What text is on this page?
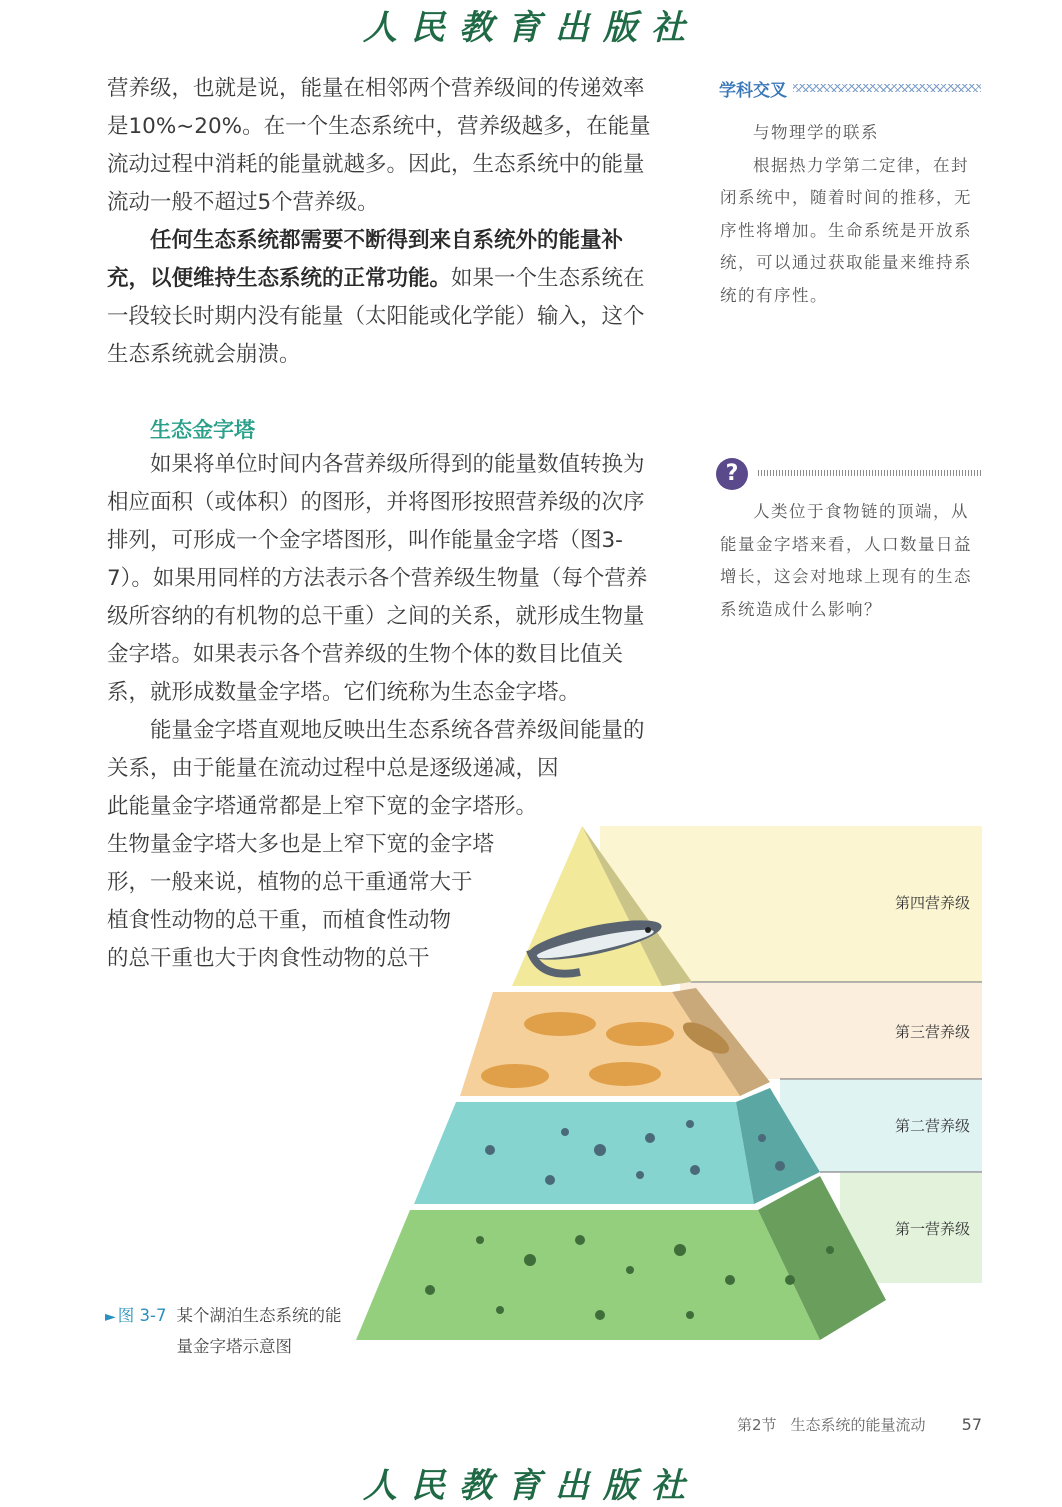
人民教育出版社

营养级，也就是说，能量在相邻两个营养级间的传递效率是10%~20%。在一个生态系统中，营养级越多，在能量流动过程中消耗的能量就越多。因此，生态系统中的能量流动一般不超过5个营养级。

任何生态系统都需要不断得到来自系统外的能量补充，以便维持生态系统的正常功能。如果一个生态系统在一段较长时期内没有能量（太阳能或化学能）输入，这个生态系统就会崩溃。

生态金字塔

如果将单位时间内各营养级所得到的能量数值转换为相应面积（或体积）的图形，并将图形按照营养级的次序排列，可形成一个金字塔图形，叫作能量金字塔（图3-7）。如果用同样的方法表示各个营养级生物量（每个营养级所容纳的有机物的总干重）之间的关系，就形成生物量金字塔。如果表示各个营养级的生物个体的数目比值关系，就形成数量金字塔。它们统称为生态金字塔。

能量金字塔直观地反映出生态系统各营养级间能量的

关系，由于能量在流动过程中总是逐级递减，因

此能量金字塔通常都是上窄下宽的金字塔形。

生物量金字塔大多也是上窄下宽的金字塔

形，一般来说，植物的总干重通常大于

植食性动物的总干重，而植食性动物

的总干重也大于肉食性动物的总干

学科交叉

与物理学的联系

根据热力学第二定律，在封闭系统中，随着时间的推移，无序性将增加。生命系统是开放系统，可以通过获取能量来维持系统的有序性。

?

人类位于食物链的顶端，从能量金字塔来看，人口数量日益增长，这会对地球上现有的生态系统造成什么影响？

第四营养级
第三营养级
第二营养级
第一营养级
► 图 3-7 某个湖泊生态系统的能量金字塔示意图
第2节 生态系统的能量流动 57
人民教育出版社
